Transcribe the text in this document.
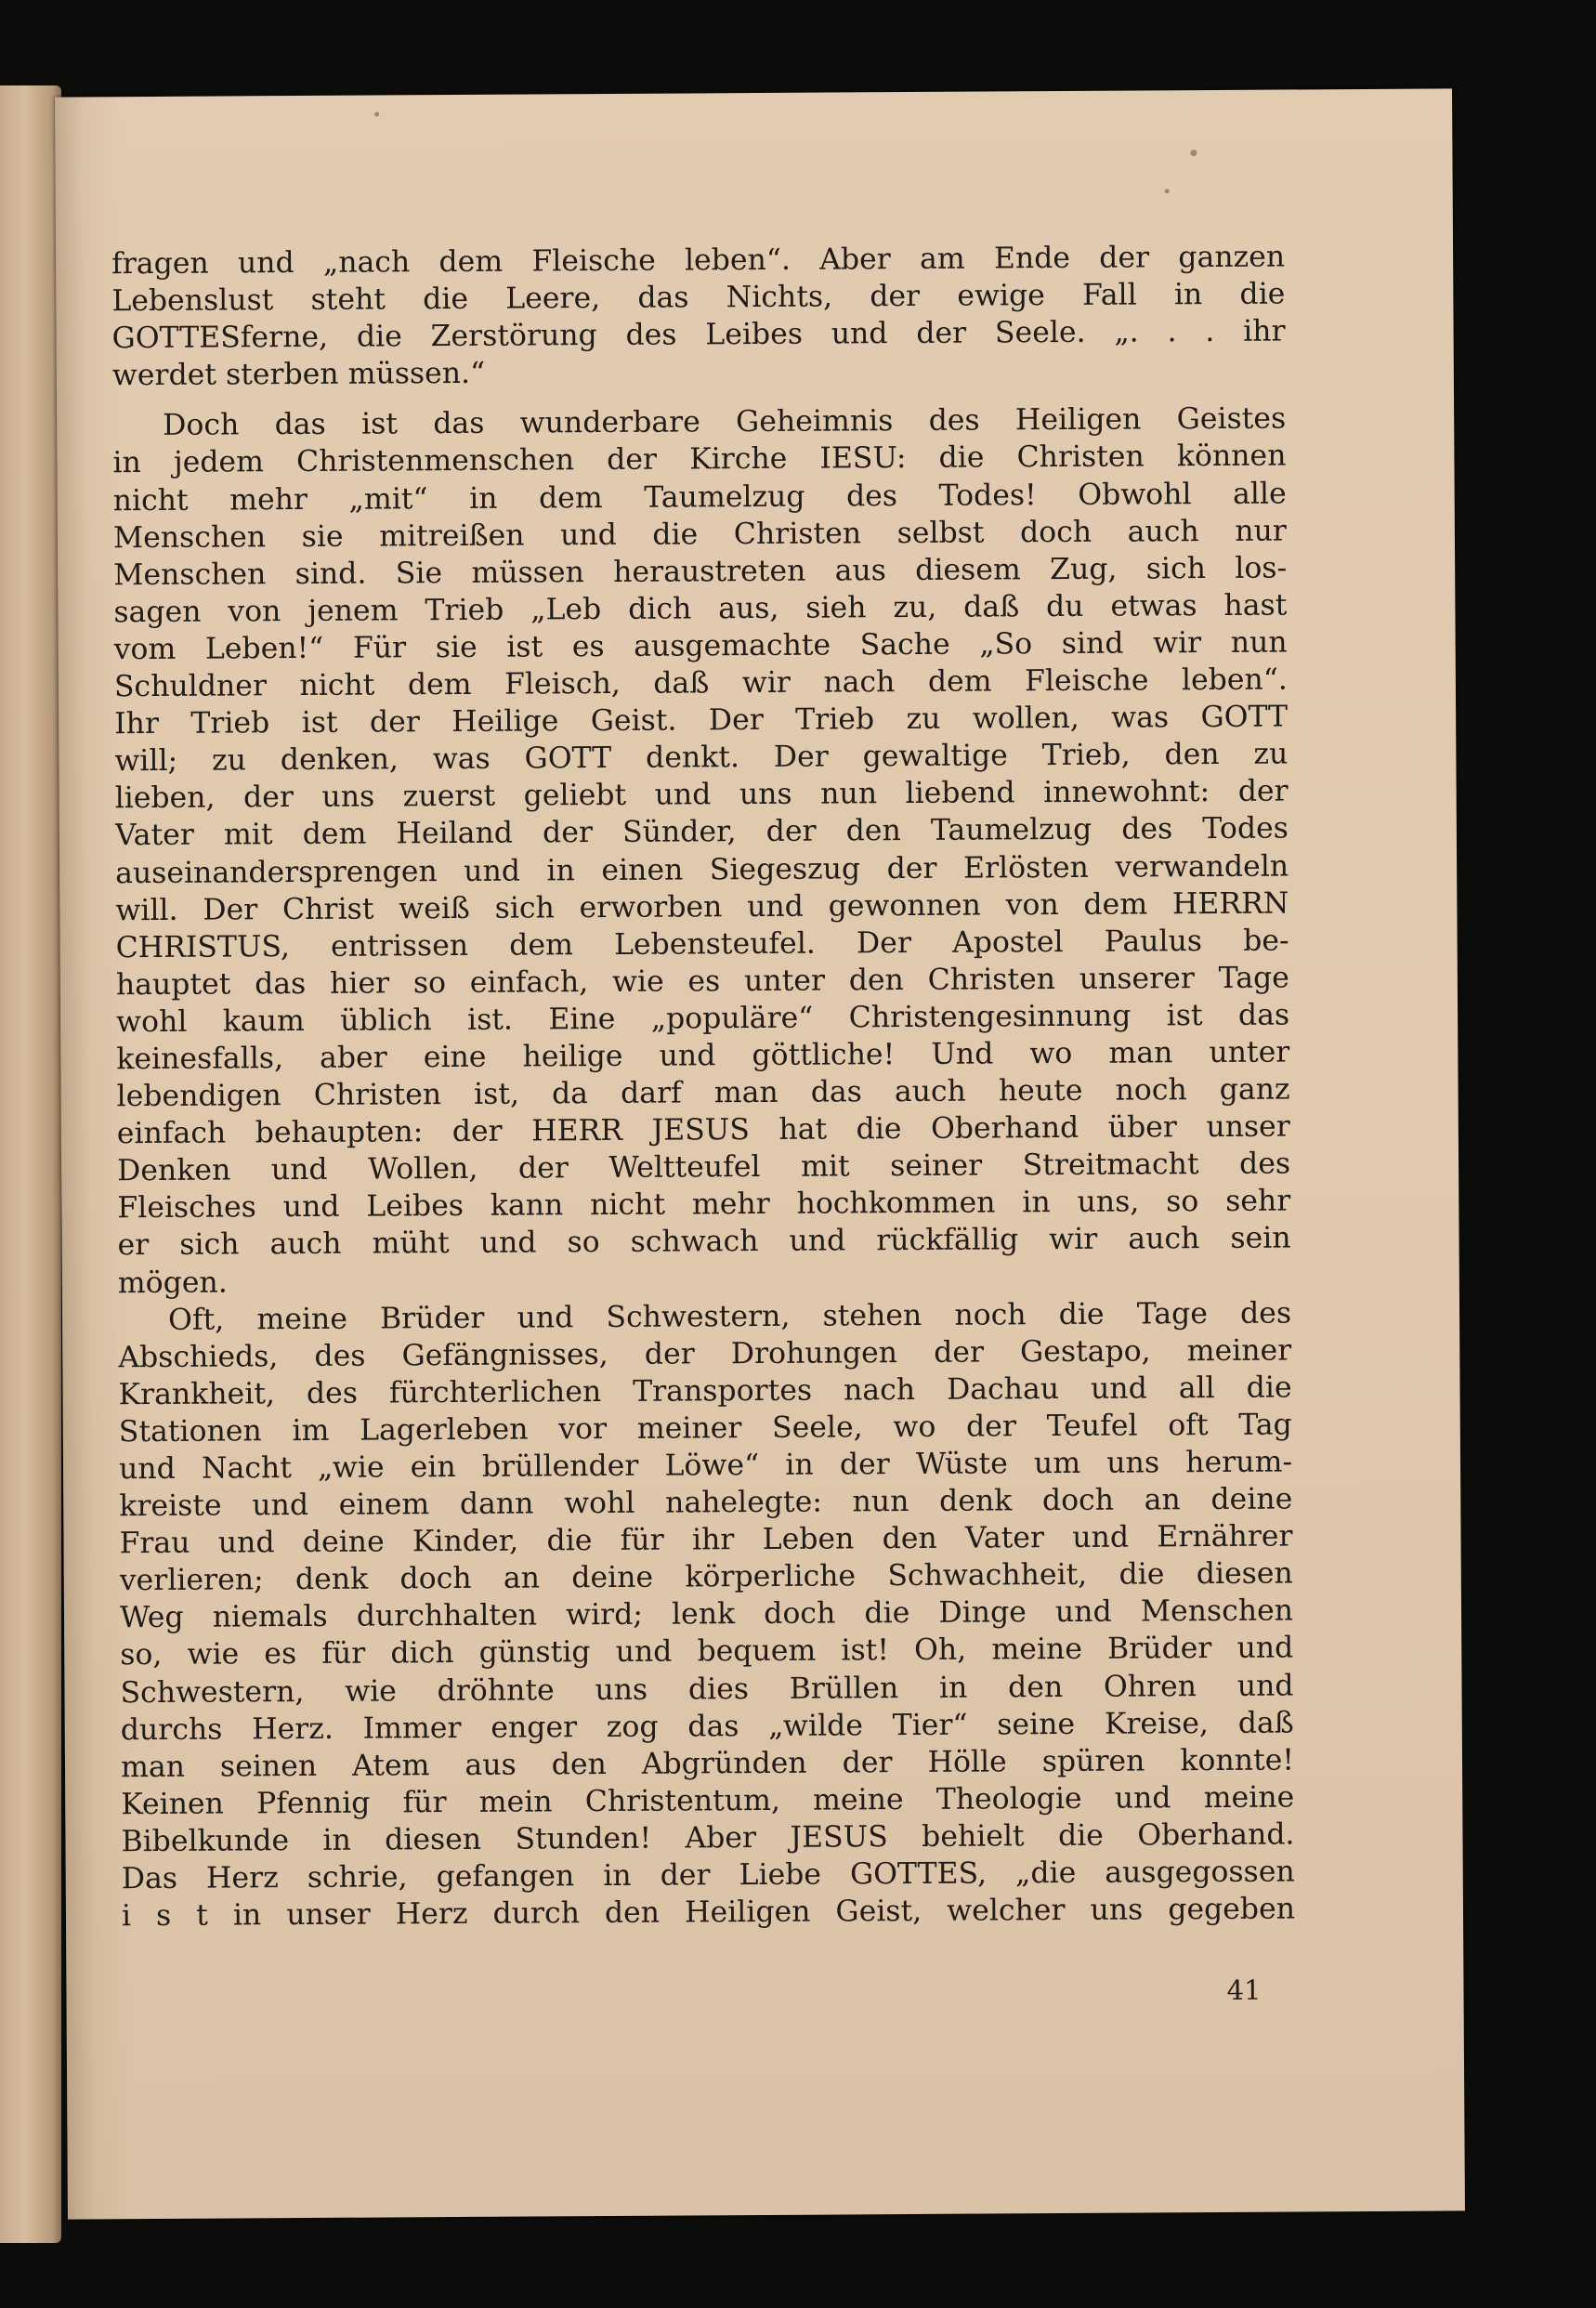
fragen und „nach dem Fleische leben“. Aber am Ende der ganzen
Lebenslust steht die Leere, das Nichts, der ewige Fall in die
GOTTESferne, die Zerstörung des Leibes und der Seele. „. . . ihr
werdet sterben müssen.“
Doch das ist das wunderbare Geheimnis des Heiligen Geistes
in jedem Christenmenschen der Kirche IESU: die Christen können
nicht mehr „mit“ in dem Taumelzug des Todes! Obwohl alle
Menschen sie mitreißen und die Christen selbst doch auch nur
Menschen sind. Sie müssen heraustreten aus diesem Zug, sich los-
sagen von jenem Trieb „Leb dich aus, sieh zu, daß du etwas hast
vom Leben!“ Für sie ist es ausgemachte Sache „So sind wir nun
Schuldner nicht dem Fleisch, daß wir nach dem Fleische leben“.
Ihr Trieb ist der Heilige Geist. Der Trieb zu wollen, was GOTT
will; zu denken, was GOTT denkt. Der gewaltige Trieb, den zu
lieben, der uns zuerst geliebt und uns nun liebend innewohnt: der
Vater mit dem Heiland der Sünder, der den Taumelzug des Todes
auseinandersprengen und in einen Siegeszug der Erlösten verwandeln
will. Der Christ weiß sich erworben und gewonnen von dem HERRN
CHRISTUS, entrissen dem Lebensteufel. Der Apostel Paulus be-
hauptet das hier so einfach, wie es unter den Christen unserer Tage
wohl kaum üblich ist. Eine „populäre“ Christengesinnung ist das
keinesfalls, aber eine heilige und göttliche! Und wo man unter
lebendigen Christen ist, da darf man das auch heute noch ganz
einfach behaupten: der HERR JESUS hat die Oberhand über unser
Denken und Wollen, der Weltteufel mit seiner Streitmacht des
Fleisches und Leibes kann nicht mehr hochkommen in uns, so sehr
er sich auch müht und so schwach und rückfällig wir auch sein
mögen.
Oft, meine Brüder und Schwestern, stehen noch die Tage des
Abschieds, des Gefängnisses, der Drohungen der Gestapo, meiner
Krankheit, des fürchterlichen Transportes nach Dachau und all die
Stationen im Lagerleben vor meiner Seele, wo der Teufel oft Tag
und Nacht „wie ein brüllender Löwe“ in der Wüste um uns herum-
kreiste und einem dann wohl nahelegte: nun denk doch an deine
Frau und deine Kinder, die für ihr Leben den Vater und Ernährer
verlieren; denk doch an deine körperliche Schwachheit, die diesen
Weg niemals durchhalten wird; lenk doch die Dinge und Menschen
so, wie es für dich günstig und bequem ist! Oh, meine Brüder und
Schwestern, wie dröhnte uns dies Brüllen in den Ohren und
durchs Herz. Immer enger zog das „wilde Tier“ seine Kreise, daß
man seinen Atem aus den Abgründen der Hölle spüren konnte!
Keinen Pfennig für mein Christentum, meine Theologie und meine
Bibelkunde in diesen Stunden! Aber JESUS behielt die Oberhand.
Das Herz schrie, gefangen in der Liebe GOTTES, „die ausgegossen
i s t in unser Herz durch den Heiligen Geist, welcher uns gegeben
41
